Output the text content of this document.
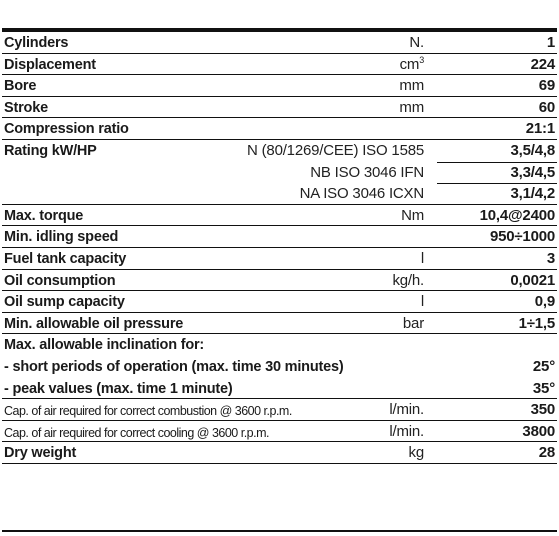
Cylinders	N.	1
Displacement	$cm^3$	224
Bore	mm	69
Stroke	mm	60
Compression ratio	21:1
Rating kW/HP	N (80/1269/CEE) ISO 1585	3,5/4,8
NB ISO 3046 IFN	3,3/4,5
NA ISO 3046 ICXN	3,1/4,2
Max. torque	Nm	10,4@2400
Min. idling speed	950÷1000
Fuel tank capacity	l	3
Oil consumption	kg/h.	0,0021
Oil sump capacity	l	0,9
Min. allowable oil pressure	bar	1÷1,5
Max. allowable inclination for:
- short periods of operation (max. time 30 minutes)	25°
- peak values (max. time 1 minute)	35°
Cap. of air required for correct combustion @ 3600 r.p.m.	l/min.	350
Cap. of air required for correct cooling @ 3600 r.p.m.	l/min.	3800
Dry weight	kg	28
